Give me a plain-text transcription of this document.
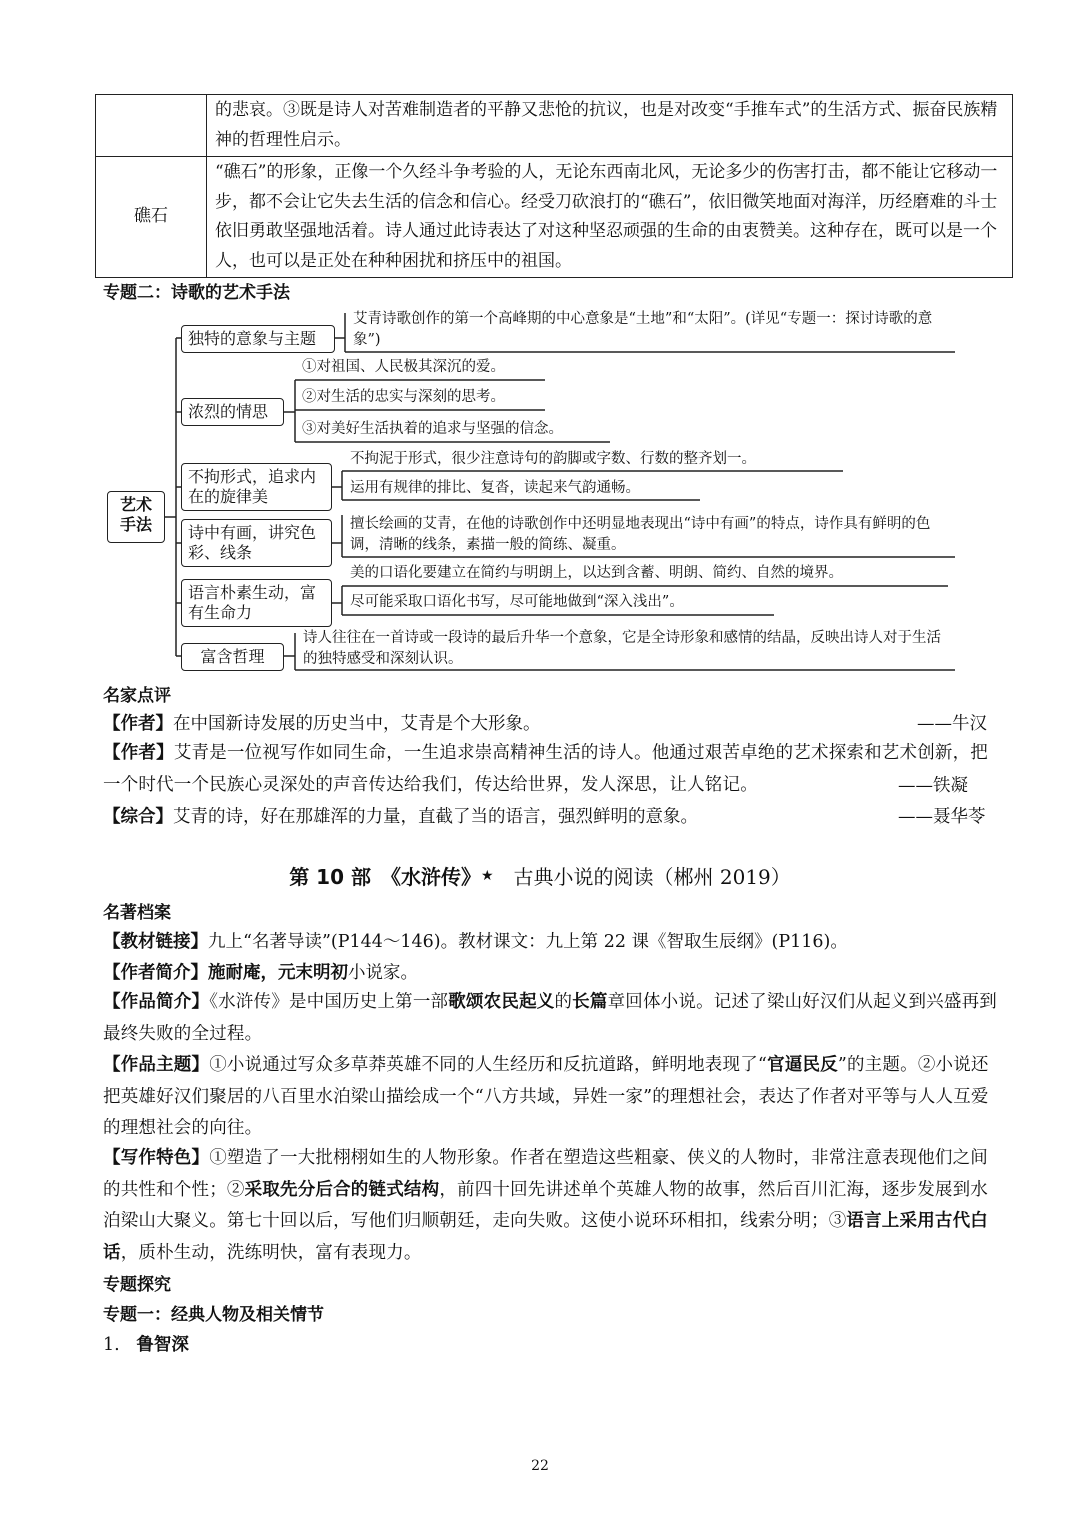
	的悲哀。③既是诗人对苦难制造者的平静又悲怆的抗议，也是对改变“手推车式”的生活方式、振奋民族精神的哲理性启示。
礁石	“礁石”的形象，正像一个久经斗争考验的人，无论东西南北风，无论多少的伤害打击，都不能让它移动一步，都不会让它失去生活的信念和信心。经受刀砍浪打的“礁石”，依旧微笑地面对海洋，历经磨难的斗士依旧勇敢坚强地活着。诗人通过此诗表达了对这种坚忍顽强的生命的由衷赞美。这种存在，既可以是一个人，也可以是正处在种种困扰和挤压中的祖国。
专题二：诗歌的艺术手法
艺术
手法
独特的意象与主题
艾青诗歌创作的第一个高峰期的中心意象是“土地”和“太阳”。(详见“专题一：探讨诗歌的意象”)
浓烈的情思
①对祖国、人民极其深沉的爱。
②对生活的忠实与深刻的思考。
③对美好生活执着的追求与坚强的信念。
不拘形式，追求内在的旋律美
不拘泥于形式，很少注意诗句的韵脚或字数、行数的整齐划一。
运用有规律的排比、复沓，读起来气韵通畅。
诗中有画，讲究色彩、线条
擅长绘画的艾青，在他的诗歌创作中还明显地表现出“诗中有画”的特点，诗作具有鲜明的色调，清晰的线条，素描一般的简练、凝重。
语言朴素生动，富有生命力
美的口语化要建立在简约与明朗上，以达到含蓄、明朗、简约、自然的境界。
尽可能采取口语化书写，尽可能地做到“深入浅出”。
富含哲理
诗人往往在一首诗或一段诗的最后升华一个意象，它是全诗形象和感情的结晶，反映出诗人对于生活的独特感受和深刻认识。
名家点评
【作者】在中国新诗发展的历史当中，艾青是个大形象。	——牛汉
【作者】艾青是一位视写作如同生命，一生追求崇高精神生活的诗人。他通过艰苦卓绝的艺术探索和艺术创新，把一个时代一个民族心灵深处的声音传达给我们，传达给世界，发人深思，让人铭记。	——铁凝
【综合】艾青的诗，好在那雄浑的力量，直截了当的语言，强烈鲜明的意象。	——聂华苓
第 10 部　《水浒传》★　 古典小说的阅读（郴州 2019）
名著档案
【教材链接】九上“名著导读”(P144～146)。教材课文：九上第 22 课《智取生辰纲》(P116)。
【作者简介】施耐庵，元末明初小说家。
【作品简介】《水浒传》是中国历史上第一部歌颂农民起义的长篇章回体小说。记述了梁山好汉们从起义到兴盛再到最终失败的全过程。
【作品主题】①小说通过写众多草莽英雄不同的人生经历和反抗道路，鲜明地表现了“官逼民反”的主题。②小说还把英雄好汉们聚居的八百里水泊梁山描绘成一个“八方共域，异姓一家”的理想社会，表达了作者对平等与人人互爱的理想社会的向往。
【写作特色】①塑造了一大批栩栩如生的人物形象。作者在塑造这些粗豪、侠义的人物时，非常注意表现他们之间的共性和个性；②采取先分后合的链式结构，前四十回先讲述单个英雄人物的故事，然后百川汇海，逐步发展到水泊梁山大聚义。第七十回以后，写他们归顺朝廷，走向失败。这使小说环环相扣，线索分明；③语言上采用古代白话，质朴生动，洗练明快，富有表现力。
专题探究
专题一：经典人物及相关情节
1. 鲁智深
22
